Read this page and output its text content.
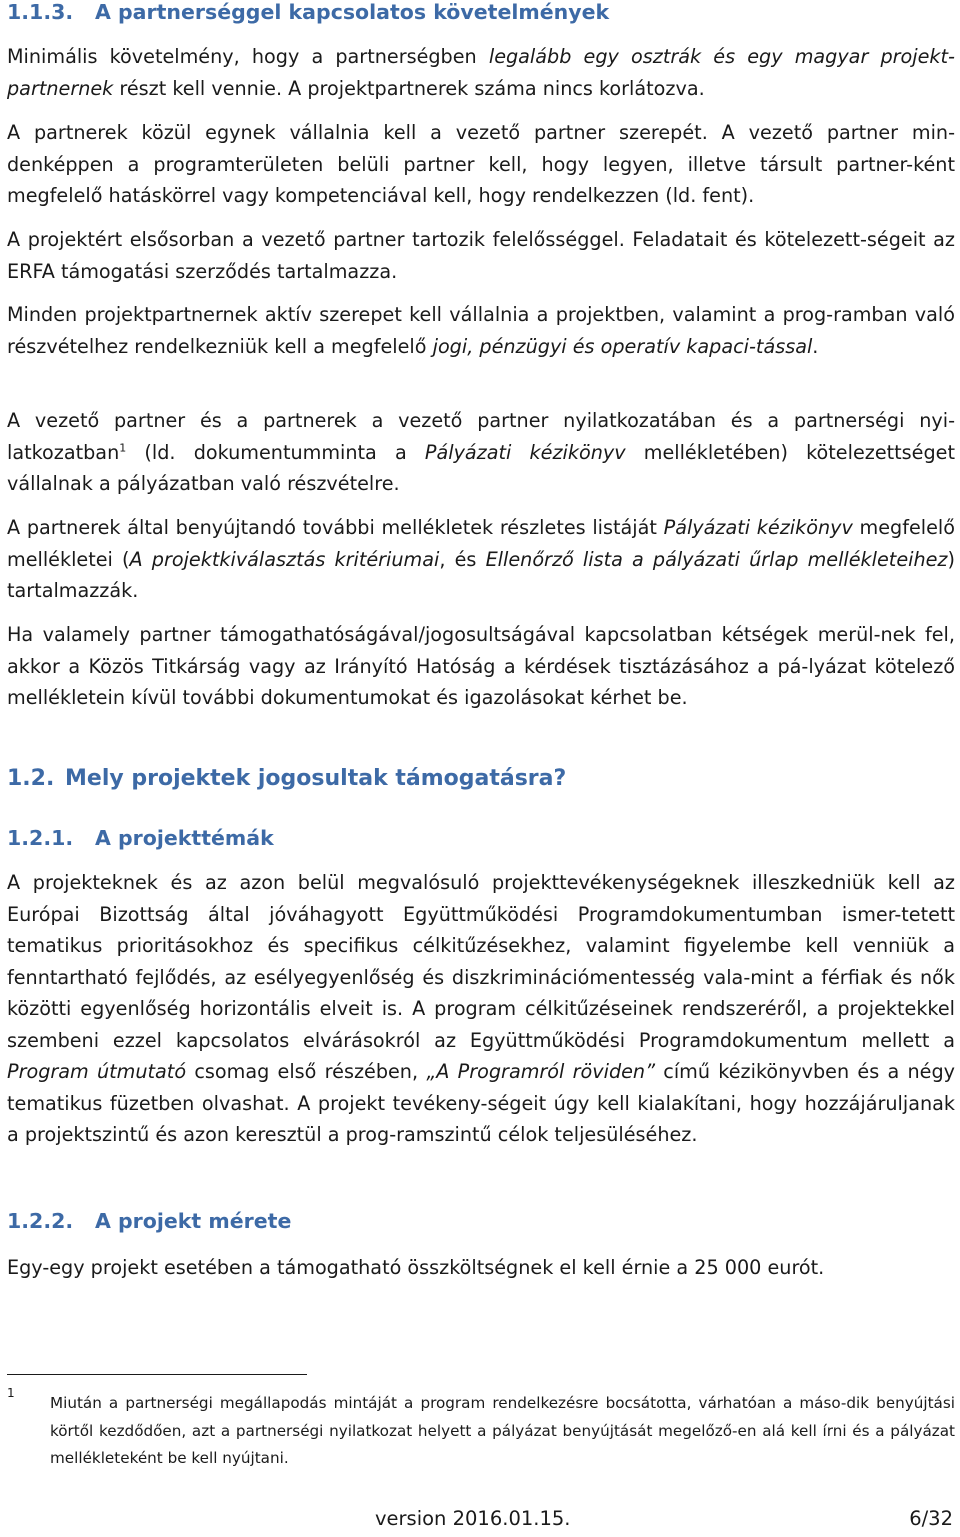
1.1.3. A partnerséggel kapcsolatos követelmények

Minimális követelmény, hogy a partnerségben legalább egy osztrák és egy magyar projekt-partnernek részt kell vennie. A projektpartnerek száma nincs korlátozva.

A partnerek közül egynek vállalnia kell a vezető partner szerepét. A vezető partner min-denképpen a programterületen belüli partner kell, hogy legyen, illetve társult partner-ként megfelelő hatáskörrel vagy kompetenciával kell, hogy rendelkezzen (ld. fent).

A projektért elsősorban a vezető partner tartozik felelősséggel. Feladatait és kötelezett-ségeit az ERFA támogatási szerződés tartalmazza.

Minden projektpartnernek aktív szerepet kell vállalnia a projektben, valamint a prog-ramban való részvételhez rendelkezniük kell a megfelelő jogi, pénzügyi és operatív kapaci-tással.

A vezető partner és a partnerek a vezető partner nyilatkozatában és a partnerségi nyi-latkozatban$^1$ (ld. dokumentumminta a Pályázati kézikönyv mellékletében) kötelezettséget vállalnak a pályázatban való részvételre.

A partnerek által benyújtandó további mellékletek részletes listáját Pályázati kézikönyv megfelelő mellékletei (A projektkiválasztás kritériumai, és Ellenőrző lista a pályázati űrlap mellékleteihez) tartalmazzák.

Ha valamely partner támogathatóságával/jogosultságával kapcsolatban kétségek merül-nek fel, akkor a Közös Titkárság vagy az Irányító Hatóság a kérdések tisztázásához a pá-lyázat kötelező mellékletein kívül további dokumentumokat és igazolásokat kérhet be.

1.2. Mely projektek jogosultak támogatásra?
1.2.1. A projekttémák

A projekteknek és az azon belül megvalósuló projekttevékenységeknek illeszkedniük kell az Európai Bizottság által jóváhagyott Együttműködési Programdokumentumban ismer-tetett tematikus prioritásokhoz és specifikus célkitűzésekhez, valamint figyelembe kell venniük a fenntartható fejlődés, az esélyegyenlőség és diszkriminációmentesség vala-mint a férfiak és nők közötti egyenlőség horizontális elveit is. A program célkitűzéseinek rendszeréről, a projektekkel szembeni ezzel kapcsolatos elvárásokról az Együttműködési Programdokumentum mellett a Program útmutató csomag első részében, „A Programról röviden” című kézikönyvben és a négy tematikus füzetben olvashat. A projekt tevékeny-ségeit úgy kell kialakítani, hogy hozzájáruljanak a projektszintű és azon keresztül a prog-ramszintű célok teljesüléséhez.

1.2.2. A projekt mérete

Egy-egy projekt esetében a támogatható összköltségnek el kell érnie a 25 000 eurót.

1

Miután a partnerségi megállapodás mintáját a program rendelkezésre bocsátotta, várhatóan a máso-dik benyújtási körtől kezdődően, azt a partnerségi nyilatkozat helyett a pályázat benyújtását megelőző-en alá kell írni és a pályázat mellékleteként be kell nyújtani.

version 2016.01.15.	6/32
